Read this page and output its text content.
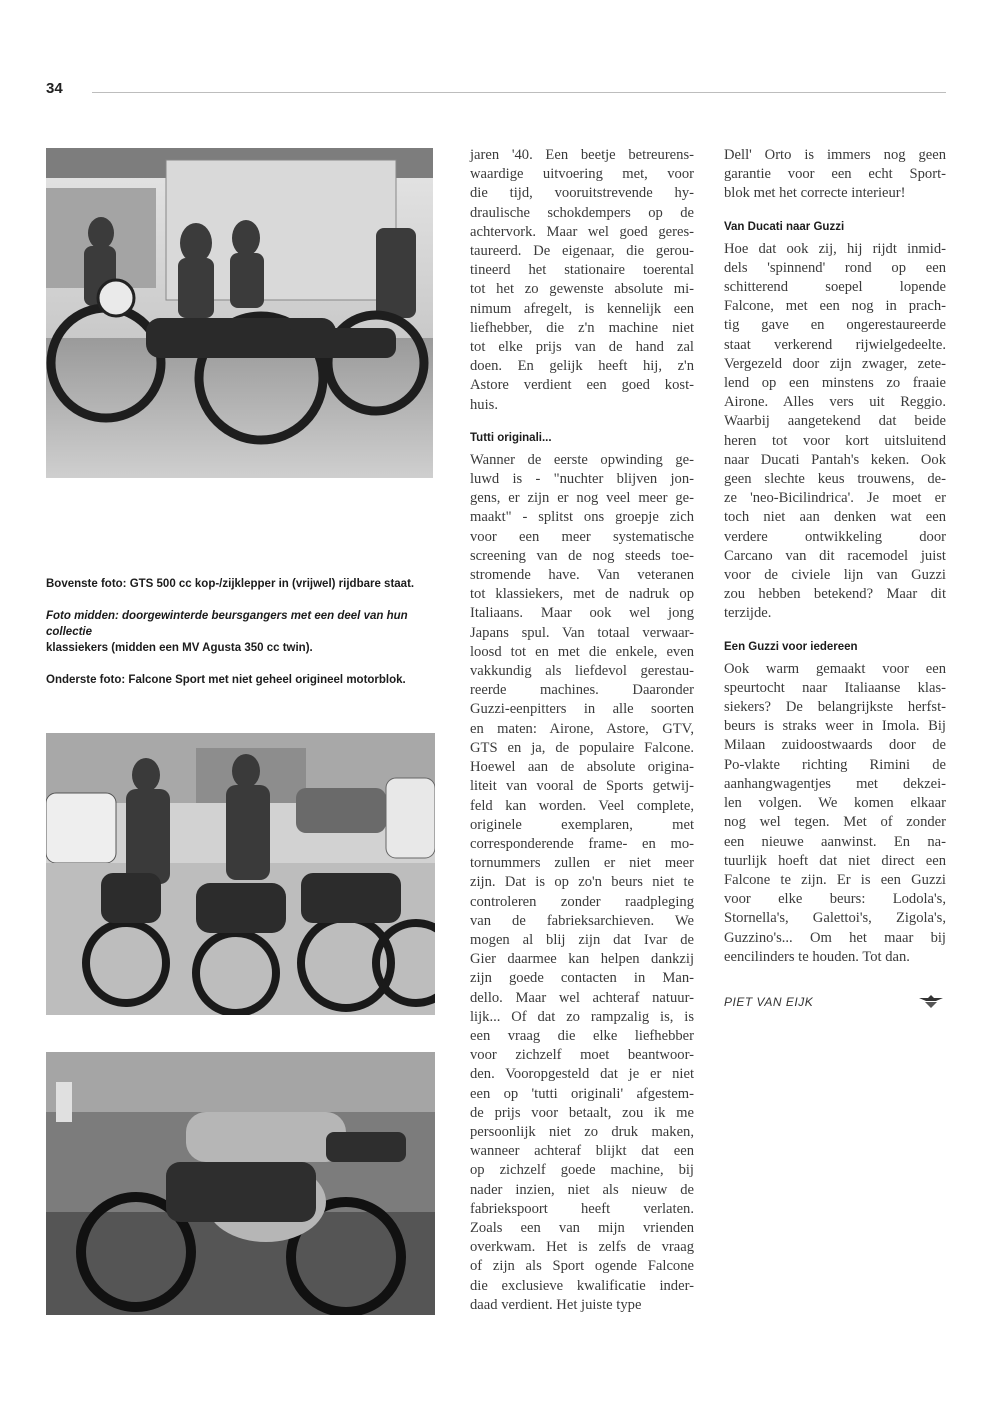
34

Bovenste foto: GTS 500 cc kop-/zijklepper in (vrijwel) rijdbare staat.

Foto midden: doorgewinterde beursgangers met een deel van hun collectie
klassiekers (midden een MV Agusta 350 cc twin).

Onderste foto: Falcone Sport met niet geheel origineel motorblok.

jaren '40. Een beetje betreurens-
waardige uitvoering met, voor
die tijd, vooruitstrevende hy-
draulische schokdempers op de
achtervork. Maar wel goed geres-
taureerd. De eigenaar, die gerou-
tineerd het stationaire toerental
tot het zo gewenste absolute mi-
nimum afregelt, is kennelijk een
liefhebber, die z'n machine niet
tot elke prijs van de hand zal
doen. En gelijk heeft hij, z'n
Astore verdient een goed kost-
huis.

Tutti originali...

Wanner de eerste opwinding ge-
luwd is - "nuchter blijven jon-
gens, er zijn er nog veel meer ge-
maakt" - splitst ons groepje zich
voor een meer systematische
screening van de nog steeds toe-
stromende have. Van veteranen
tot klassiekers, met de nadruk op
Italiaans. Maar ook wel jong
Japans spul. Van totaal verwaar-
loosd tot en met die enkele, even
vakkundig als liefdevol gerestau-
reerde machines. Daaronder
Guzzi-eenpitters in alle soorten
en maten: Airone, Astore, GTV,
GTS en ja, de populaire Falcone.
Hoewel aan de absolute origina-
liteit van vooral de Sports getwij-
feld kan worden. Veel complete,
originele exemplaren, met
corresponderende frame- en mo-
tornummers zullen er niet meer
zijn. Dat is op zo'n beurs niet te
controleren zonder raadpleging
van de fabrieksarchieven. We
mogen al blij zijn dat Ivar de
Gier daarmee kan helpen dankzij
zijn goede contacten in Man-
dello. Maar wel achteraf natuur-
lijk... Of dat zo rampzalig is, is
een vraag die elke liefhebber
voor zichzelf moet beantwoor-
den. Vooropgesteld dat je er niet
een op 'tutti originali' afgestem-
de prijs voor betaalt, zou ik me
persoonlijk niet zo druk maken,
wanneer achteraf blijkt dat een
op zichzelf goede machine, bij
nader inzien, niet als nieuw de
fabriekspoort heeft verlaten.
Zoals een van mijn vrienden
overkwam. Het is zelfs de vraag
of zijn als Sport ogende Falcone
die exclusieve kwalificatie inder-
daad verdient. Het juiste type

Dell' Orto is immers nog geen
garantie voor een echt Sport-
blok met het correcte interieur!

Van Ducati naar Guzzi

Hoe dat ook zij, hij rijdt inmid-
dels 'spinnend' rond op een
schitterend soepel lopende
Falcone, met een nog in prach-
tig gave en ongerestaureerde
staat verkerend rijwielgedeelte.
Vergezeld door zijn zwager, zete-
lend op een minstens zo fraaie
Airone. Alles vers uit Reggio.
Waarbij aangetekend dat beide
heren tot voor kort uitsluitend
naar Ducati Pantah's keken. Ook
geen slechte keus trouwens, de-
ze 'neo-Bicilindrica'. Je moet er
toch niet aan denken wat een
verdere ontwikkeling door
Carcano van dit racemodel juist
voor de civiele lijn van Guzzi
zou hebben betekend? Maar dit
terzijde.

Een Guzzi voor iedereen

Ook warm gemaakt voor een
speurtocht naar Italiaanse klas-
siekers? De belangrijkste herfst-
beurs is straks weer in Imola. Bij
Milaan zuidoostwaards door de
Po-vlakte richting Rimini de
aanhangwagentjes met dekzei-
len volgen. We komen elkaar
nog wel tegen. Met of zonder
een nieuwe aanwinst. En na-
tuurlijk hoeft dat niet direct een
Falcone te zijn. Er is een Guzzi
voor elke beurs: Lodola's,
Stornella's, Galettoi's, Zigola's,
Guzzino's... Om het maar bij
eencilinders te houden. Tot dan.

PIET VAN EIJK
